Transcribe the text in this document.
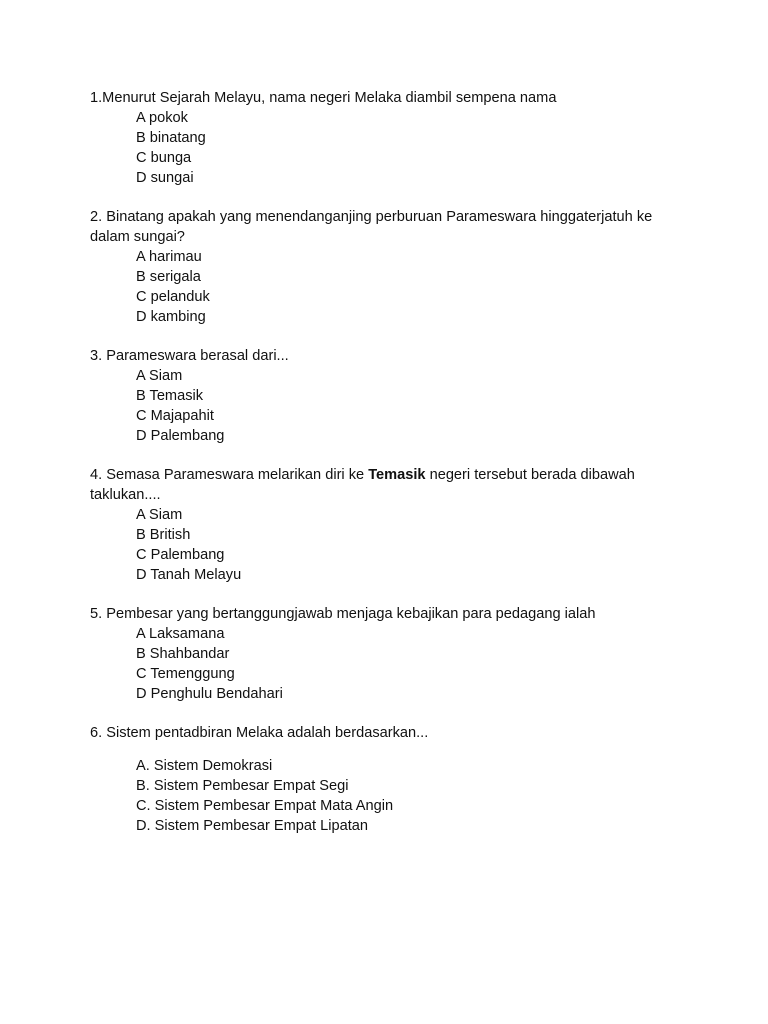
1.Menurut Sejarah Melayu, nama negeri Melaka diambil sempena nama

A pokok
B binatang
C bunga
D sungai

2. Binatang apakah yang menendanganjing perburuan Parameswara hinggaterjatuh ke dalam sungai?

A harimau
B serigala
C pelanduk
D kambing

3. Parameswara berasal dari...

A Siam
B Temasik
C Majapahit
D Palembang

4. Semasa Parameswara melarikan diri ke Temasik negeri tersebut berada dibawah taklukan....

A Siam
B British
C Palembang
D Tanah Melayu

5. Pembesar yang bertanggungjawab menjaga kebajikan para pedagang ialah

A Laksamana
B Shahbandar
C Temenggung
D Penghulu Bendahari

6. Sistem pentadbiran Melaka adalah berdasarkan...

A. Sistem Demokrasi
B. Sistem Pembesar Empat Segi
C. Sistem Pembesar Empat Mata Angin
D. Sistem Pembesar Empat Lipatan
